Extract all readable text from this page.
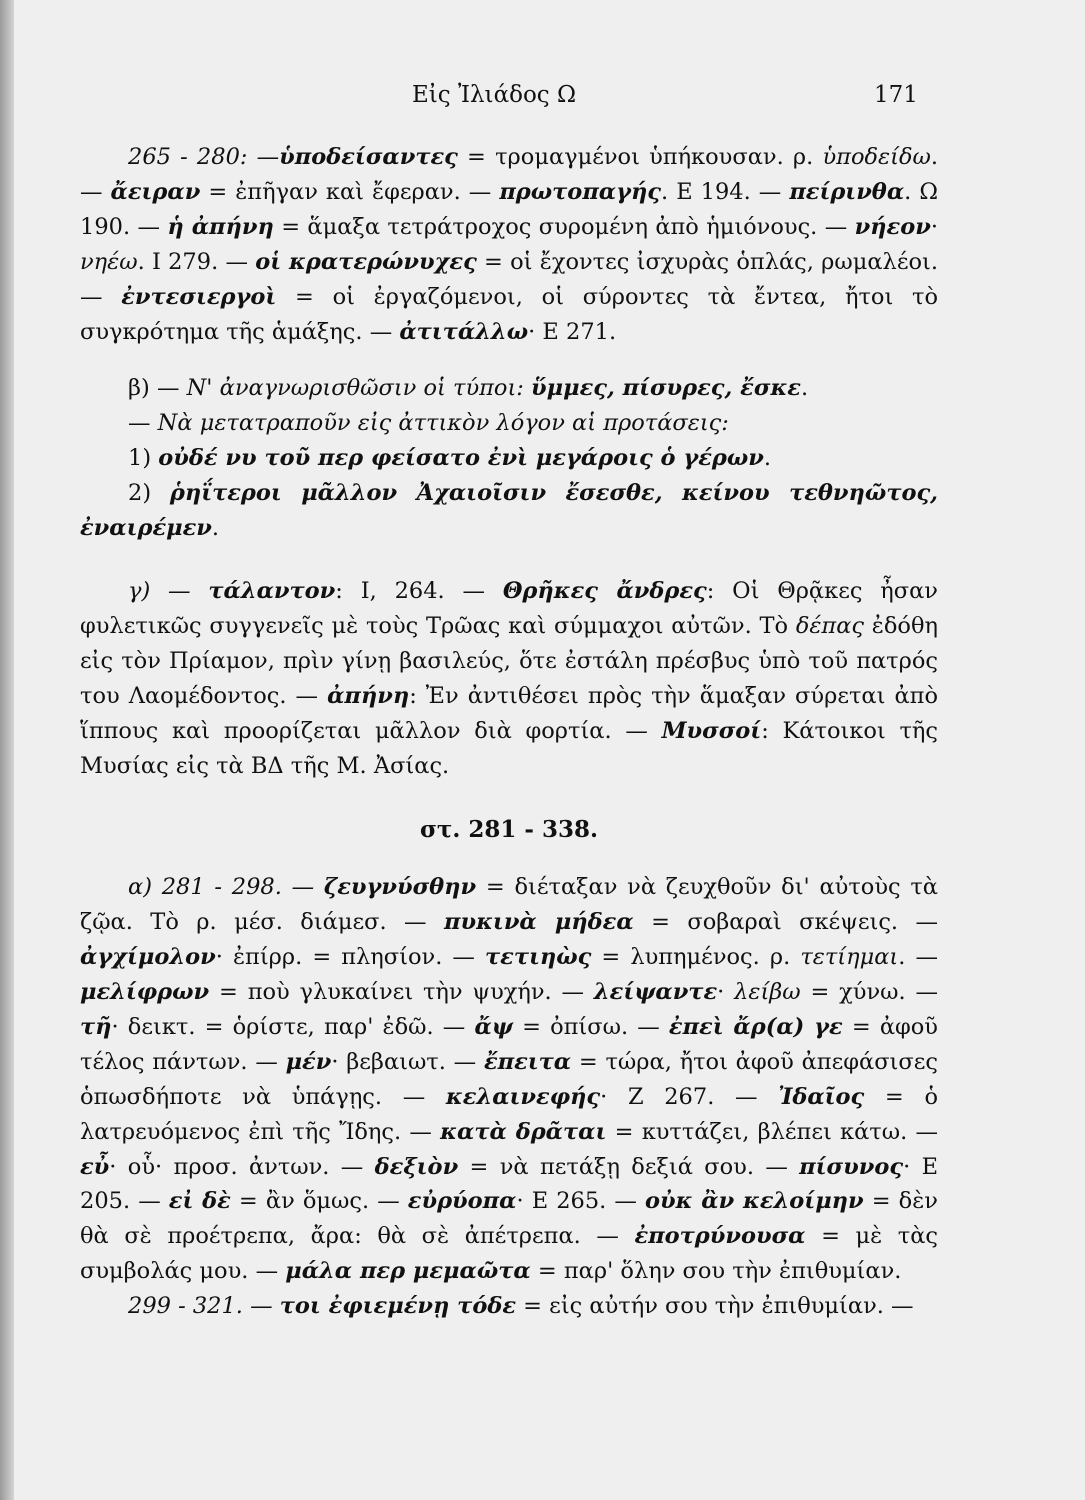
Εἰς Ἰλιάδος Ω	171

265 - 280: —ὑποδείσαντες = τρομαγμένοι ὑπήκουσαν. ρ. ὑποδείδω. — ἄειραν = ἐπῆγαν καὶ ἔφεραν. — πρωτοπαγής. Ε 194. — πείρινθα. Ω 190. — ἡ ἀπήνη = ἅμαξα τετράτροχος συρομένη ἀπὸ ἡμιόνους. — νήεον· νηέω. Ι 279. — οἱ κρατερώνυχες = οἱ ἔχοντες ἰσχυρὰς ὁπλάς, ρωμαλέοι. — ἐντεσιεργοὶ = οἱ ἐργαζόμενοι, οἱ σύροντες τὰ ἔντεα, ἤτοι τὸ συγκρότημα τῆς ἁμάξης. — ἀτιτάλλω· Ε 271.

β) — Ν' ἀναγνωρισθῶσιν οἱ τύποι: ὕμμες, πίσυρες, ἔσκε.

— Νὰ μετατραποῦν εἰς ἀττικὸν λόγον αἱ προτάσεις:

1) οὐδέ νυ τοῦ περ φείσατο ἐνὶ μεγάροις ὁ γέρων.

2) ῥηΐτεροι μᾶλλον Ἀχαιοῖσιν ἔσεσθε, κείνου τεθνηῶτος, ἐναιρέμεν.

γ) — τάλαντον: Ι, 264. — Θρῆκες ἄνδρες: Οἱ Θρᾷκες ἦσαν φυλετικῶς συγγενεῖς μὲ τοὺς Τρῶας καὶ σύμμαχοι αὐτῶν. Τὸ δέπας ἐδόθη εἰς τὸν Πρίαμον, πρὶν γίνῃ βασιλεύς, ὅτε ἐστάλη πρέσβυς ὑπὸ τοῦ πατρός του Λαομέδοντος. — ἀπήνη: Ἐν ἀντιθέσει πρὸς τὴν ἅμαξαν σύρεται ἀπὸ ἵππους καὶ προορίζεται μᾶλλον διὰ φορτία. — Μυσσοί: Κάτοικοι τῆς Μυσίας εἰς τὰ ΒΔ τῆς Μ. Ἀσίας.

στ. 281 - 338.

α) 281 - 298. — ζευγνύσθην = διέταξαν νὰ ζευχθοῦν δι' αὐτοὺς τὰ ζῷα. Τὸ ρ. μέσ. διάμεσ. — πυκινὰ μήδεα = σοβαραὶ σκέψεις. — ἀγχίμολον· ἐπίρρ. = πλησίον. — τετιηὼς = λυπημένος. ρ. τετίημαι. — μελίφρων = ποὺ γλυκαίνει τὴν ψυχήν. — λείψαντε· λείβω = χύνω. — τῆ· δεικτ. = ὁρίστε, παρ' ἐδῶ. — ἄψ = ὀπίσω. — ἐπεὶ ἄρ(α) γε = ἀφοῦ τέλος πάντων. — μέν· βεβαιωτ. — ἔπειτα = τώρα, ἤτοι ἀφοῦ ἀπεφάσισες ὁπωσδήποτε νὰ ὑπάγῃς. — κελαινεφής· Ζ 267. — Ἰδαῖος = ὁ λατρευόμενος ἐπὶ τῆς Ἴδης. — κατὰ δρᾶται = κυττάζει, βλέπει κάτω. — εὖ· οὗ· προσ. ἀντων. — δεξιὸν = νὰ πετάξῃ δεξιά σου. — πίσυνος· Ε 205. — εἰ δὲ = ἂν ὅμως. — εὐρύοπα· Ε 265. — οὐκ ἂν κελοίμην = δὲν θὰ σὲ προέτρεπα, ἄρα: θὰ σὲ ἀπέτρεπα. — ἐποτρύνουσα = μὲ τὰς συμβολάς μου. — μάλα περ μεμαῶτα = παρ' ὅλην σου τὴν ἐπιθυμίαν.

299 - 321. — τοι ἐφιεμένῃ τόδε = εἰς αὐτήν σου τὴν ἐπιθυμίαν. —
